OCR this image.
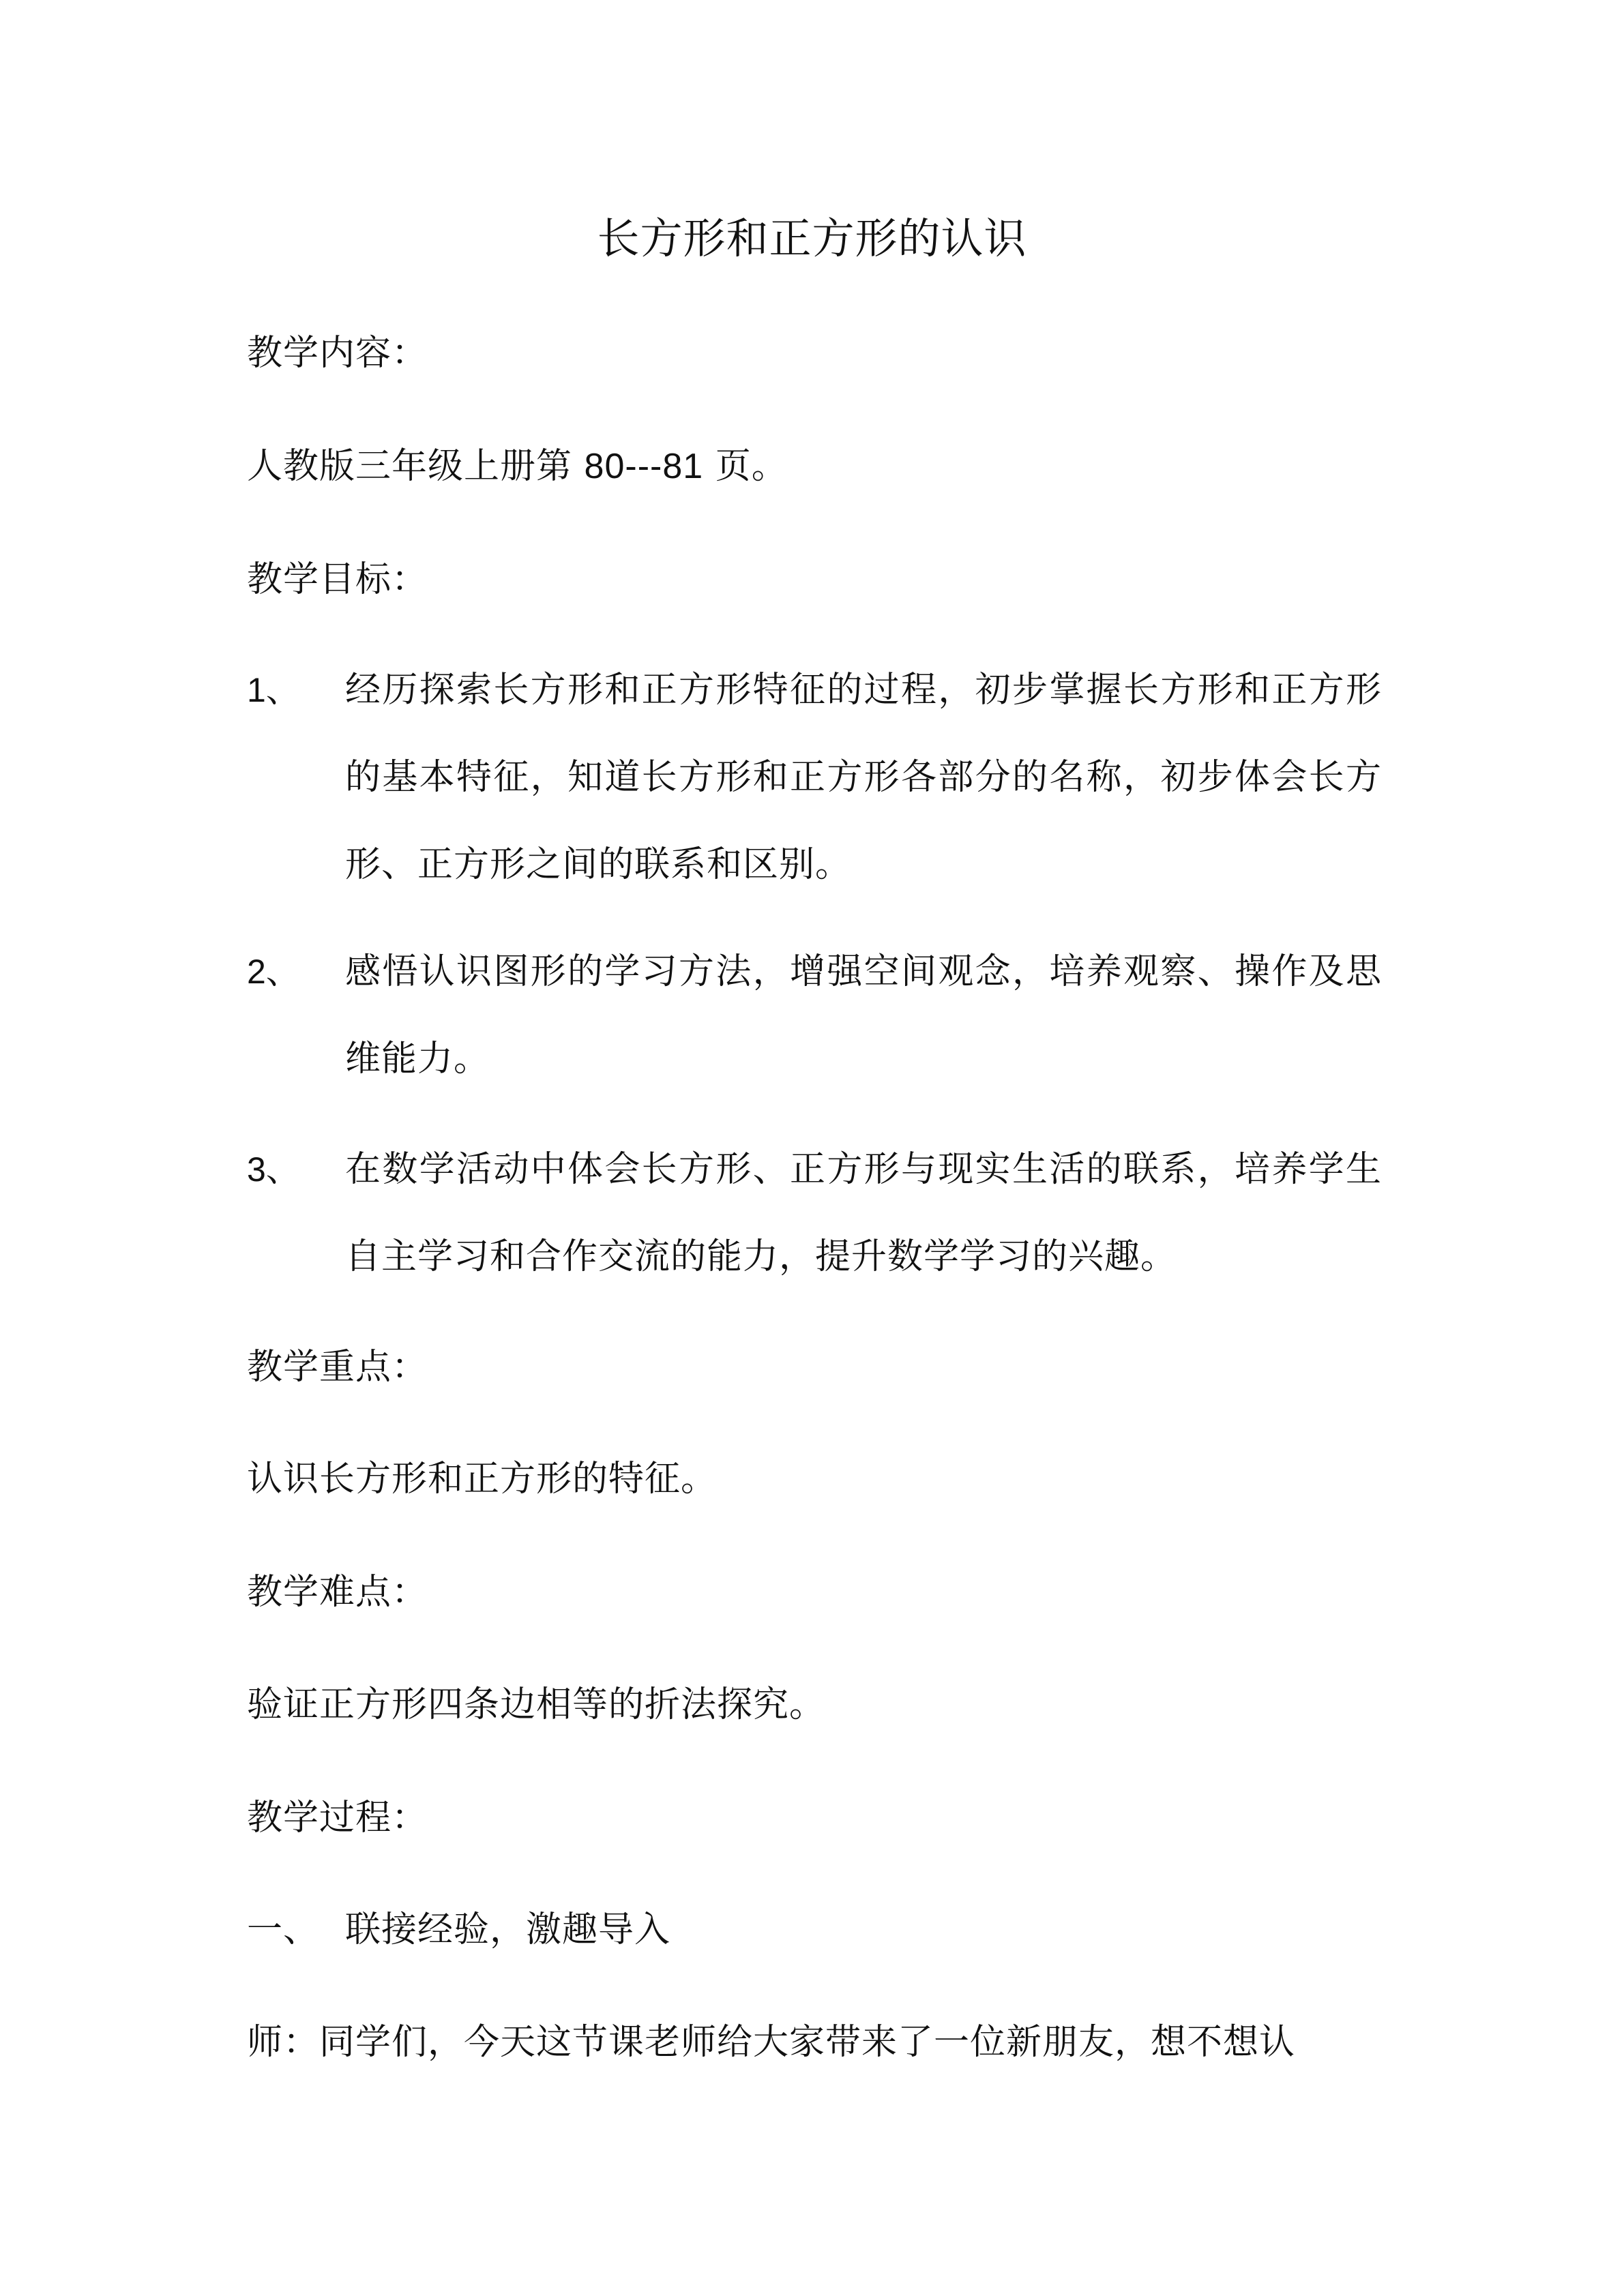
长方形和正方形的认识
教学内容：
人教版三年级上册第 80---81 页。
教学目标：
1、 经历探索长方形和正方形特征的过程，初步掌握长方形和正方形的基本特征，知道长方形和正方形各部分的名称，初步体会长方形、正方形之间的联系和区别。
2、 感悟认识图形的学习方法，增强空间观念，培养观察、操作及思维能力。
3、 在数学活动中体会长方形、正方形与现实生活的联系，培养学生自主学习和合作交流的能力，提升数学学习的兴趣。
教学重点：
认识长方形和正方形的特征。
教学难点：
验证正方形四条边相等的折法探究。
教学过程：
一、 联接经验，激趣导入
师：同学们，今天这节课老师给大家带来了一位新朋友，想不想认
